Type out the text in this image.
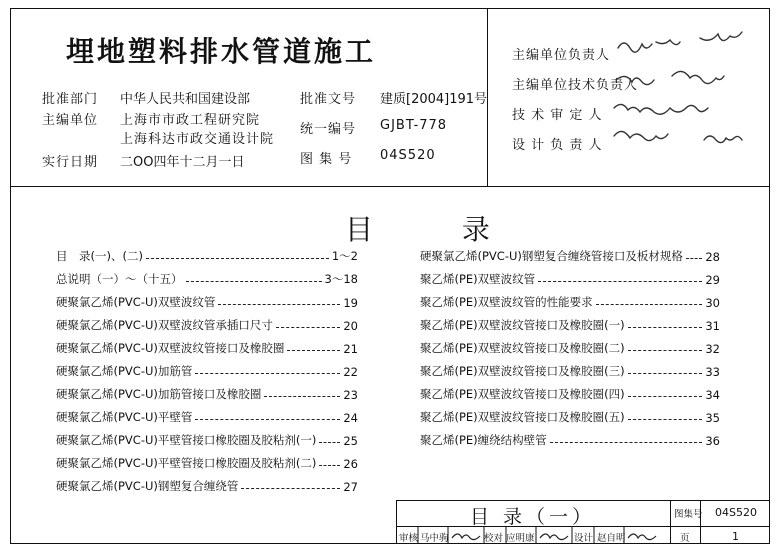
埋地塑料排水管道施工
批准部门 中华人民共和国建设部	批准文号 建质[2004]191号
主编单位 上海市市政工程研究院
上海科达市政交通设计院
统一编号 GJBT-778
实行日期 二OO四年十二月一日	图 集 号 04S520
主编单位负责人
主编单位技术负责人
技 术 审 定 人
设 计 负 责 人
目 录
目　录(一)、(二)	1～2
总说明（一）～（十五）	3～18
硬聚氯乙烯(PVC-U)双壁波纹管	19
硬聚氯乙烯(PVC-U)双壁波纹管承插口尺寸	20
硬聚氯乙烯(PVC-U)双壁波纹管接口及橡胶圈	21
硬聚氯乙烯(PVC-U)加筋管	22
硬聚氯乙烯(PVC-U)加筋管接口及橡胶圈	23
硬聚氯乙烯(PVC-U)平壁管	24
硬聚氯乙烯(PVC-U)平壁管接口橡胶圈及胶粘剂(一) 25
硬聚氯乙烯(PVC-U)平壁管接口橡胶圈及胶粘剂(二) 26
硬聚氯乙烯(PVC-U)钢塑复合缠绕管	27
硬聚氯乙烯(PVC-U)钢塑复合缠绕管接口及板材规格 28
聚乙烯(PE)双壁波纹管	29
聚乙烯(PE)双壁波纹管的性能要求	30
聚乙烯(PE)双壁波纹管接口及橡胶圈(一)	31
聚乙烯(PE)双壁波纹管接口及橡胶圈(二)	32
聚乙烯(PE)双壁波纹管接口及橡胶圈(三)	33
聚乙烯(PE)双壁波纹管接口及橡胶圈(四)	34
聚乙烯(PE)双壁波纹管接口及橡胶圈(五)	35
聚乙烯(PE)缠绕结构壁管	36
目 录（一）	图集号 04S520
页	1
审核 马中驹	校对 应明康	设计 赵自明
